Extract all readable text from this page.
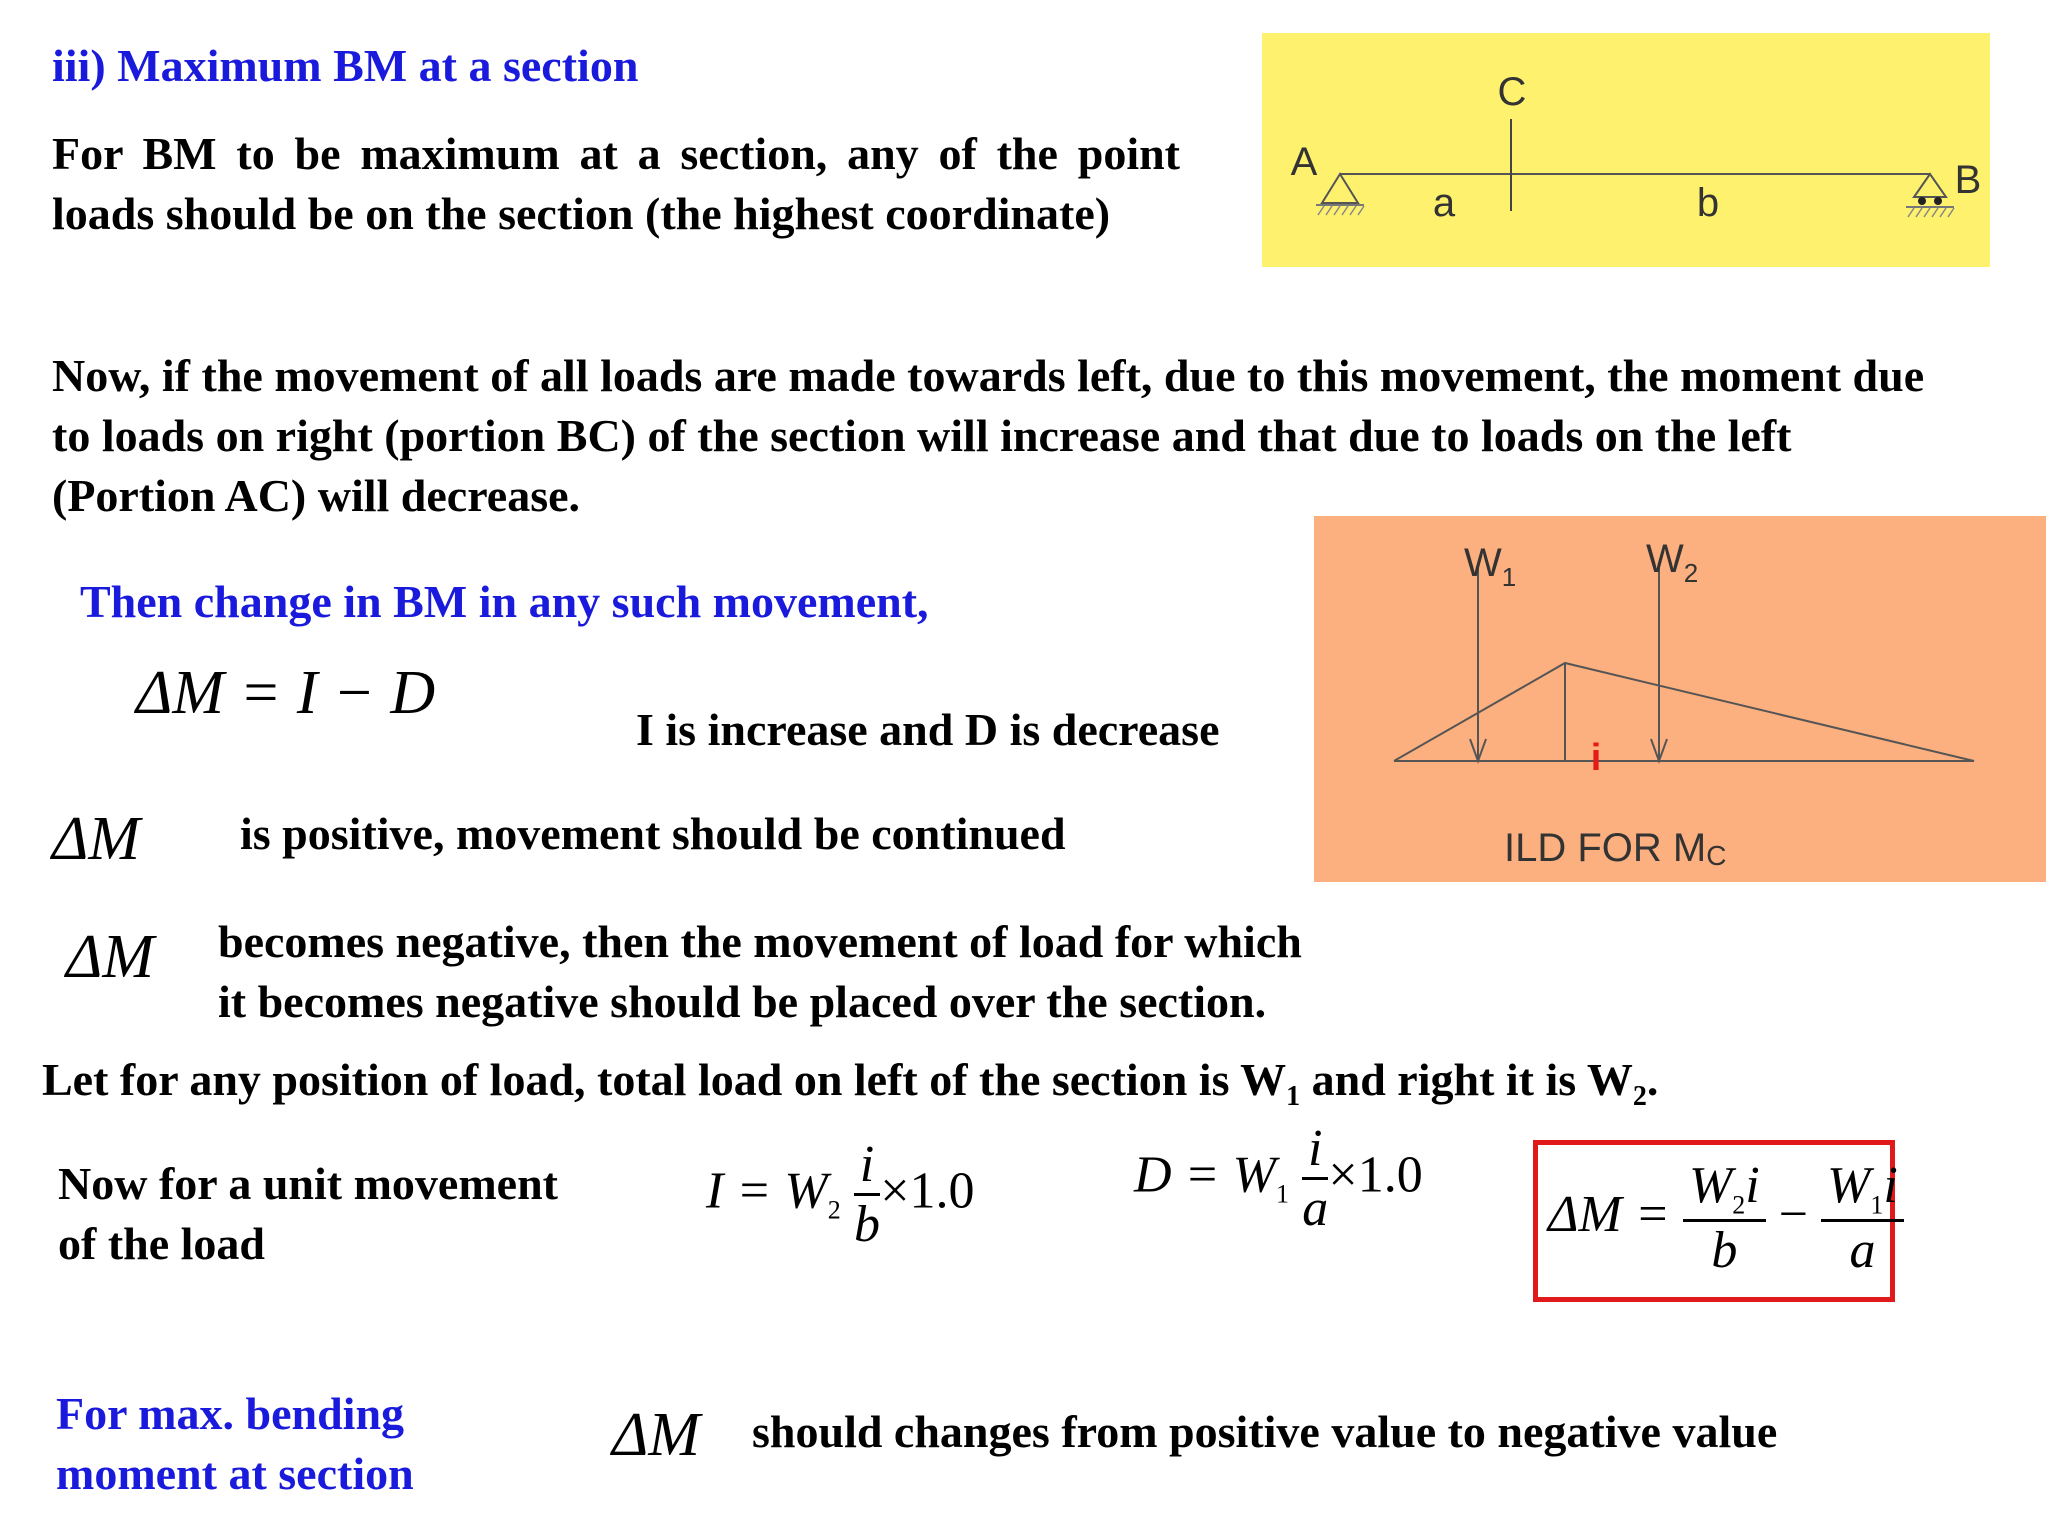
iii) Maximum BM at a section
For BM to be maximum at a section, any of the point loads should be on the section (the highest coordinate)
C
A	B
a	b
Now, if the movement of all loads are made towards left, due to this movement, the moment due to loads on right (portion BC) of the section will increase and that due to loads on the left (Portion AC) will decrease.
$W_1$	$W_2$
i
ILD FOR MC
Then change in BM in any such movement,
ΔM = I − D
I is increase and D is decrease
ΔM is positive, movement should be continued
ΔM becomes negative, then the movement of load for which
it becomes negative should be placed over the section.
Let for any position of load, total load on left of the section is $W_1$ and right it is $W_2$.
Now for a unit movement of the load
$I = W_2 \frac{i}{b} \times 1.0$	$D = W_1 \frac{i}{a} \times 1.0$
$\Delta M = \frac{W_2i}{b} - \frac{W_1i}{a}$
For max. bending moment at section
ΔM should changes from positive value to negative value
